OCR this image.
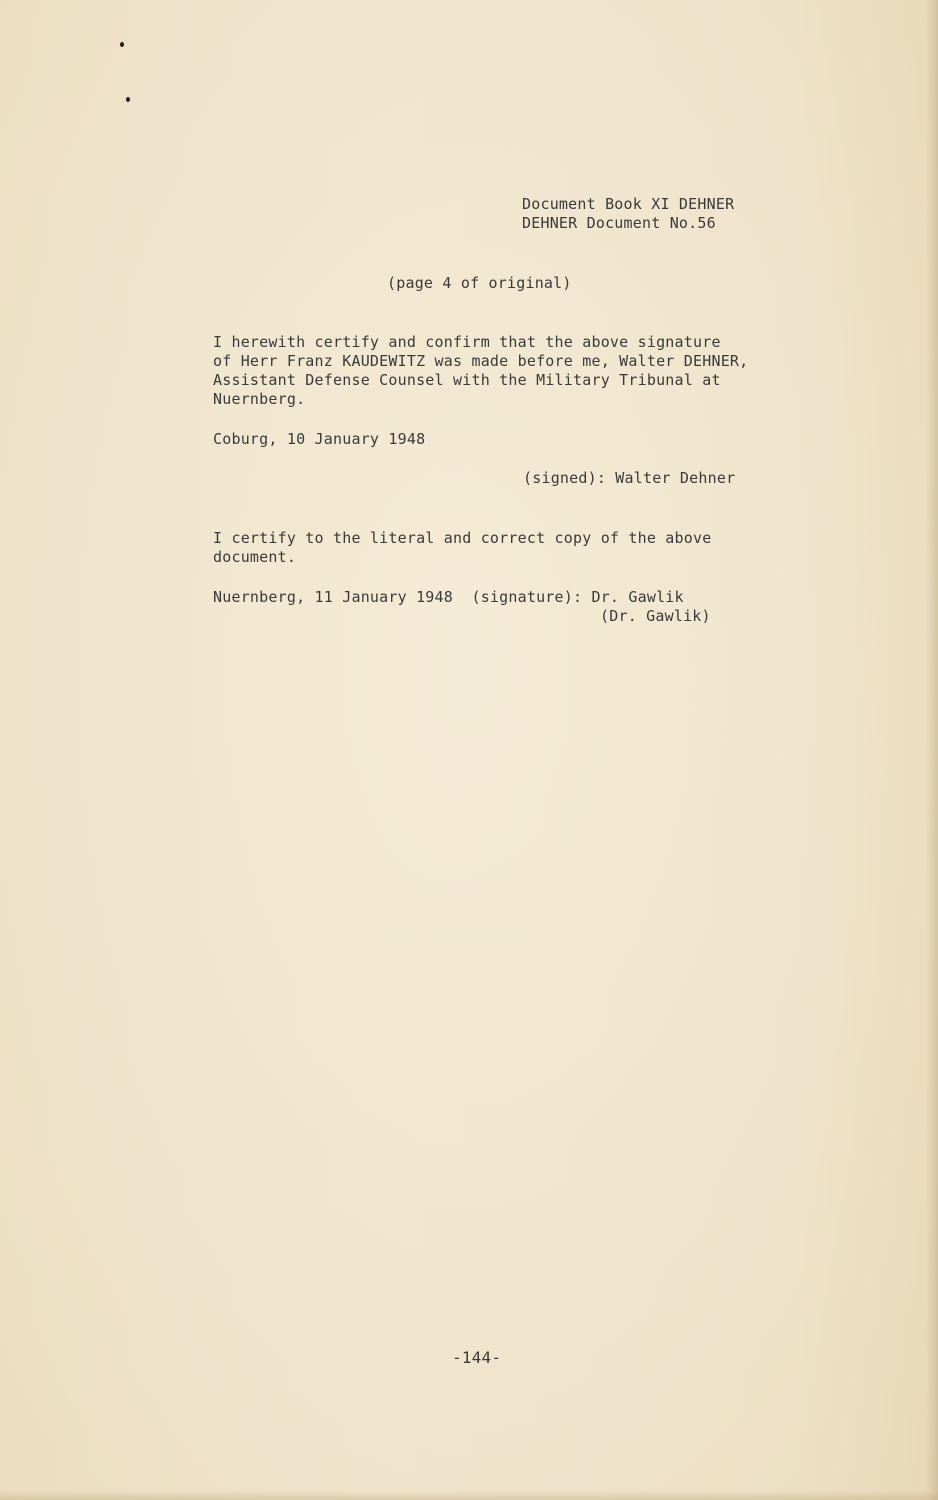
Document Book XI DEHNER
DEHNER Document No.56
(page 4 of original)
I herewith certify and confirm that the above signature
of Herr Franz KAUDEWITZ was made before me, Walter DEHNER,
Assistant Defense Counsel with the Military Tribunal at
Nuernberg.
Coburg, 10 January 1948
(signed): Walter Dehner
I certify to the literal and correct copy of the above
document.
Nuernberg, 11 January 1948  (signature): Dr. Gawlik
(Dr. Gawlik)
-144-
